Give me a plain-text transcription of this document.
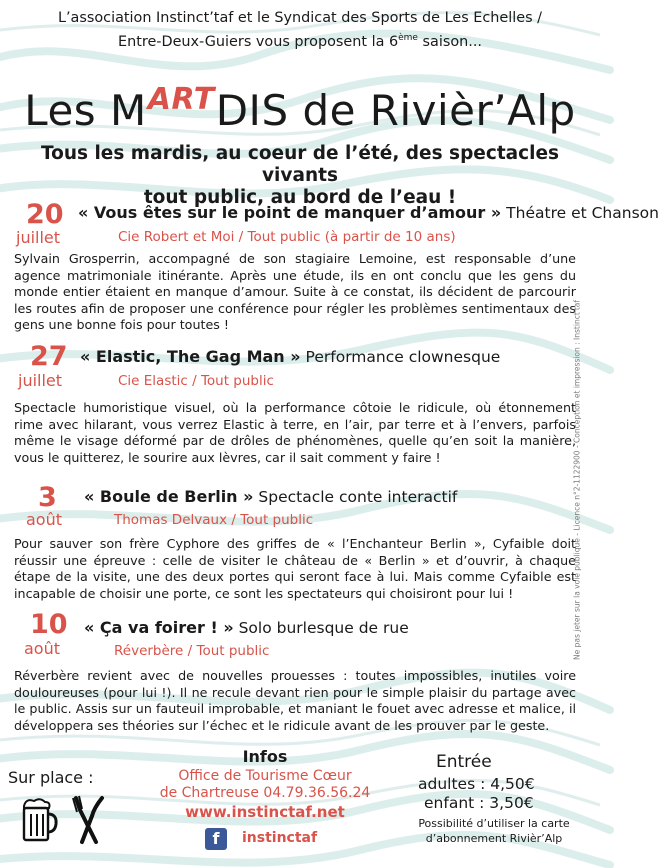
L’association Instinct’taf et le Syndicat des Sports de Les Echelles /
Entre-Deux-Guiers vous proposent la 6ème saison...
Les $M^{ART}DIS$ de Rivièr’Alp
Tous les mardis, au coeur de l’été, des spectacles vivants
tout public, au bord de l’eau !
20
juillet
« Vous êtes sur le point de manquer d’amour » Théatre et Chanson
Cie Robert et Moi / Tout public (à partir de 10 ans)
Sylvain Grosperrin, accompagné de son stagiaire Lemoine, est responsable d’une agence matrimoniale itinérante. Après une étude, ils en ont conclu que les gens du monde entier étaient en manque d’amour. Suite à ce constat, ils décident de parcourir les routes afin de proposer une conférence pour régler les problèmes sentimentaux des gens une bonne fois pour toutes !
27
juillet
« Elastic, The Gag Man » Performance clownesque
Cie Elastic / Tout public
Spectacle humoristique visuel, où la performance côtoie le ridicule, où étonnement rime avec hilarant, vous verrez Elastic à terre, en l’air, par terre et à l’envers, parfois même le visage déformé par de drôles de phénomènes, quelle qu’en soit la manière, vous le quitterez, le sourire aux lèvres, car il sait comment y faire !
3
août
« Boule de Berlin » Spectacle conte interactif
Thomas Delvaux / Tout public
Pour sauver son frère Cyphore des griffes de « l’Enchanteur Berlin », Cyfaible doit réussir une épreuve : celle de visiter le château de « Berlin » et d’ouvrir, à chaque étape de la visite, une des deux portes qui seront face à lui. Mais comme Cyfaible est incapable de choisir une porte, ce sont les spectateurs qui choisiront pour lui !
10
août
« Ça va foirer ! » Solo burlesque de rue
Réverbère / Tout public
Réverbère revient avec de nouvelles prouesses : toutes impossibles, inutiles voire douloureuses (pour lui !). Il ne recule devant rien pour le simple plaisir du partage avec le public. Assis sur un fauteuil improbable, et maniant le fouet avec adresse et malice, il développera ses théories sur l’échec et le ridicule avant de les prouver par le geste.
Ne pas jeter sur la voie publique - Licence n°2-1122900 - Conception et impression : Instinct'taf
Sur place :
Infos
Office de Tourisme Cœur
de Chartreuse 04.79.36.56.24
www.instinctaf.net
f	instinctaf
Entrée
adultes : 4,50€
enfant : 3,50€
Possibilité d’utiliser la carte d’abonnement Rivièr’Alp
